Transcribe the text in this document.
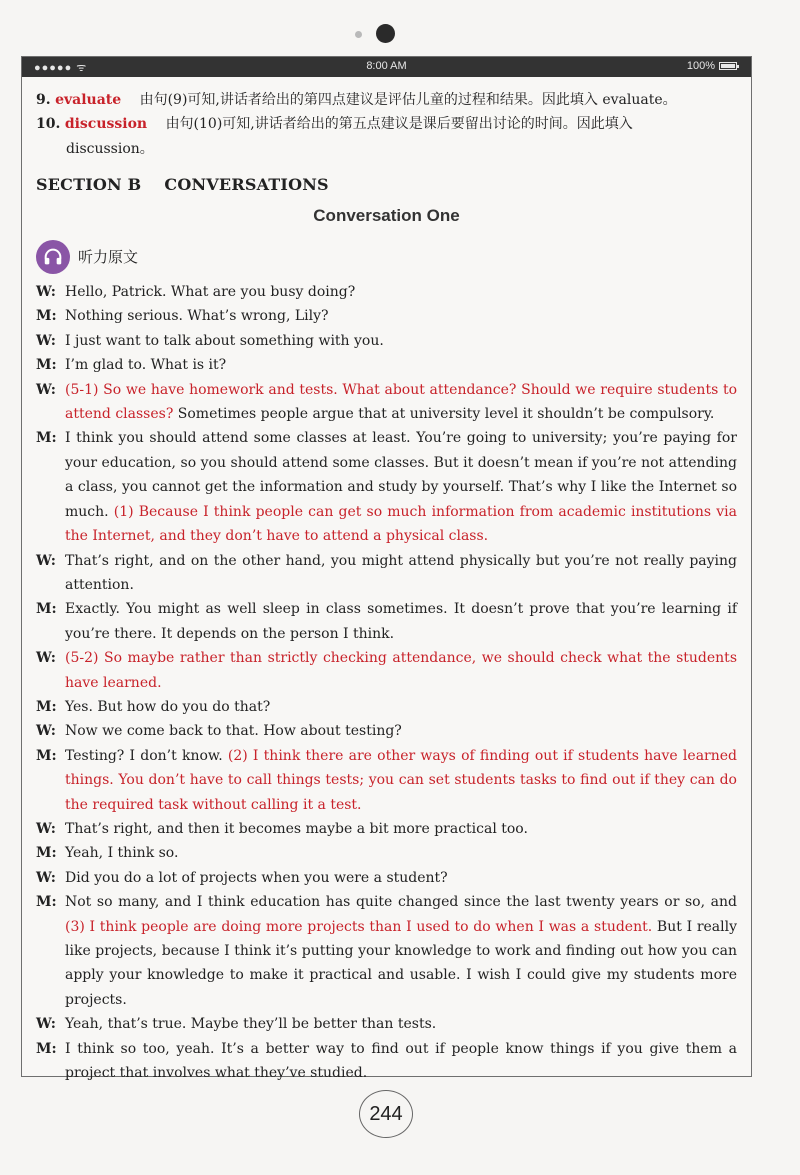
●●●●● ᯤ	8:00 AM	100%

9. evaluate 由句(9)可知,讲话者给出的第四点建议是评估儿童的过程和结果。因此填入 evaluate。

10. discussion 由句(10)可知,讲话者给出的第五点建议是课后要留出讨论的时间。因此填入

discussion。

SECTION B    CONVERSATIONS
Conversation One
听力原文
W: Hello, Patrick. What are you busy doing?
M: Nothing serious. What’s wrong, Lily?
W: I just want to talk about something with you.
M: I’m glad to. What is it?
W: (5-1) So we have homework and tests. What about attendance? Should we require students to attend classes? Sometimes people argue that at university level it shouldn’t be compulsory.
M: I think you should attend some classes at least. You’re going to university; you’re paying for your education, so you should attend some classes. But it doesn’t mean if you’re not attending a class, you cannot get the information and study by yourself. That’s why I like the Internet so much. (1) Because I think people can get so much information from academic institutions via the Internet, and they don’t have to attend a physical class.
W: That’s right, and on the other hand, you might attend physically but you’re not really paying attention.
M: Exactly. You might as well sleep in class sometimes. It doesn’t prove that you’re learning if you’re there. It depends on the person I think.
W: (5-2) So maybe rather than strictly checking attendance, we should check what the students have learned.
M: Yes. But how do you do that?
W: Now we come back to that. How about testing?
M: Testing? I don’t know. (2) I think there are other ways of finding out if students have learned things. You don’t have to call things tests; you can set students tasks to find out if they can do the required task without calling it a test.
W: That’s right, and then it becomes maybe a bit more practical too.
M: Yeah, I think so.
W: Did you do a lot of projects when you were a student?
M: Not so many, and I think education has quite changed since the last twenty years or so, and (3) I think people are doing more projects than I used to do when I was a student. But I really like projects, because I think it’s putting your knowledge to work and finding out how you can apply your knowledge to make it practical and usable. I wish I could give my students more projects.
W: Yeah, that’s true. Maybe they’ll be better than tests.
M: I think so too, yeah. It’s a better way to find out if people know things if you give them a project that involves what they’ve studied.
244
